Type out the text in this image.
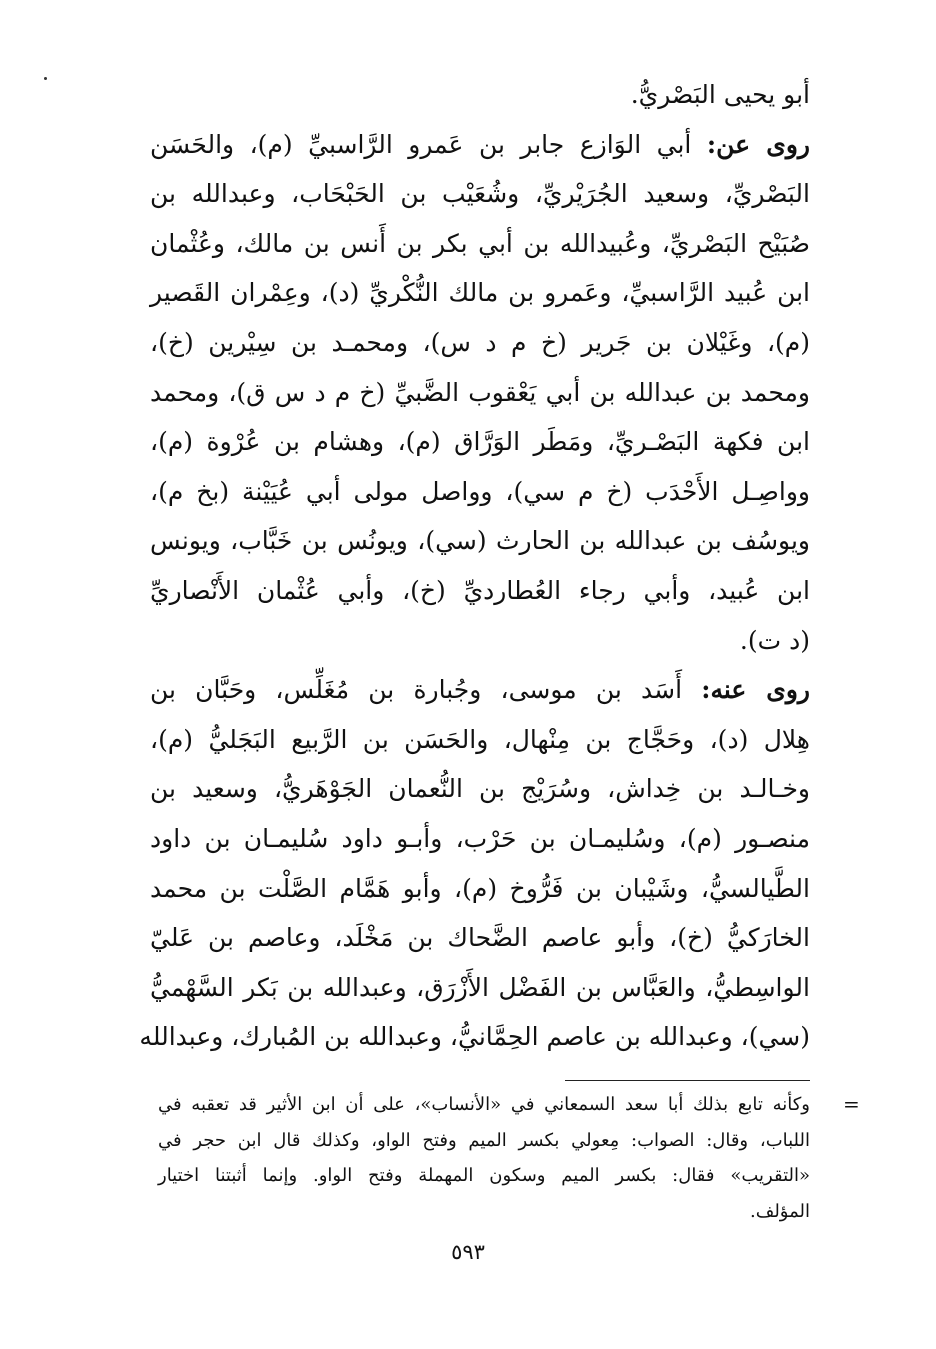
أبو يحيى البَصْريُّ.
روى عن: أبي الوَازع جابر بن عَمرو الرَّاسبيِّ (م)، والحَسَن
البَصْريِّ، وسعيد الجُرَيْريِّ، وشُعَيْب بن الحَبْحَاب، وعبدالله بن
صُبَيْح البَصْريِّ، وعُبيدالله بن أبي بكر بن أَنس بن مالك، وعُثْمان
ابن عُبيد الرَّاسبيِّ، وعَمرو بن مالك النُّكْريِّ (د)، وعِمْران القَصير
(م)، وغَيْلان بن جَرير (خ م د س)، ومحمـد بن سِيْرين (خ)،
ومحمد بن عبدالله بن أبي يَعْقوب الضَّبيِّ (خ م د س ق)، ومحمد
ابن فكهة البَصْـريِّ، ومَطَر الوَرَّاق (م)، وهشام بن عُرْوة (م)،
وواصِـل الأَحْدَب (خ م سي)، وواصل مولى أبي عُيَيْنة (بخ م)،
ويوسُف بن عبدالله بن الحارث (سي)، ويونُس بن خَبَّاب، ويونس
ابن عُبيد، وأبي رجاء العُطارديِّ (خ)، وأبي عُثْمان الأَنْصاريِّ
(د ت).
روى عنه: أَسَد بن موسى، وجُبارة بن مُغَلِّس، وحَبَّان بن
هِلال (د)، وحَجَّاج بن مِنْهال، والحَسَن بن الرَّبيع البَجَليُّ (م)،
وخـالـد بن خِداش، وسُرَيْج بن النُّعمان الجَوْهَريُّ، وسعيد بن
منصـور (م)، وسُليمـان بن حَرْب، وأبـو داود سُليمـان بن داود
الطَّيالسيُّ، وشَيْبان بن فَرُّوخ (م)، وأبو هَمَّام الصَّلْت بن محمد
الخارَكيُّ (خ)، وأبو عاصم الضَّحاك بن مَخْلَد، وعاصم بن عَليّ
الواسِطيُّ، والعَبَّاس بن الفَضْل الأَزْرَق، وعبدالله بن بَكر السَّهْميُّ
(سي)، وعبدالله بن عاصم الحِمَّانيُّ، وعبدالله بن المُبارك، وعبدالله
=
وكأنه تابع بذلك أبا سعد السمعاني في «الأنساب»، على أن ابن الأثير قد تعقبه في
اللباب، وقال: الصواب: مِعولي بكسر الميم وفتح الواو، وكذلك قال ابن حجر في
«التقريب» فقال: بكسر الميم وسكون المهملة وفتح الواو. وإنما أثبتنا اختيار
المؤلف.
٥٩٣
